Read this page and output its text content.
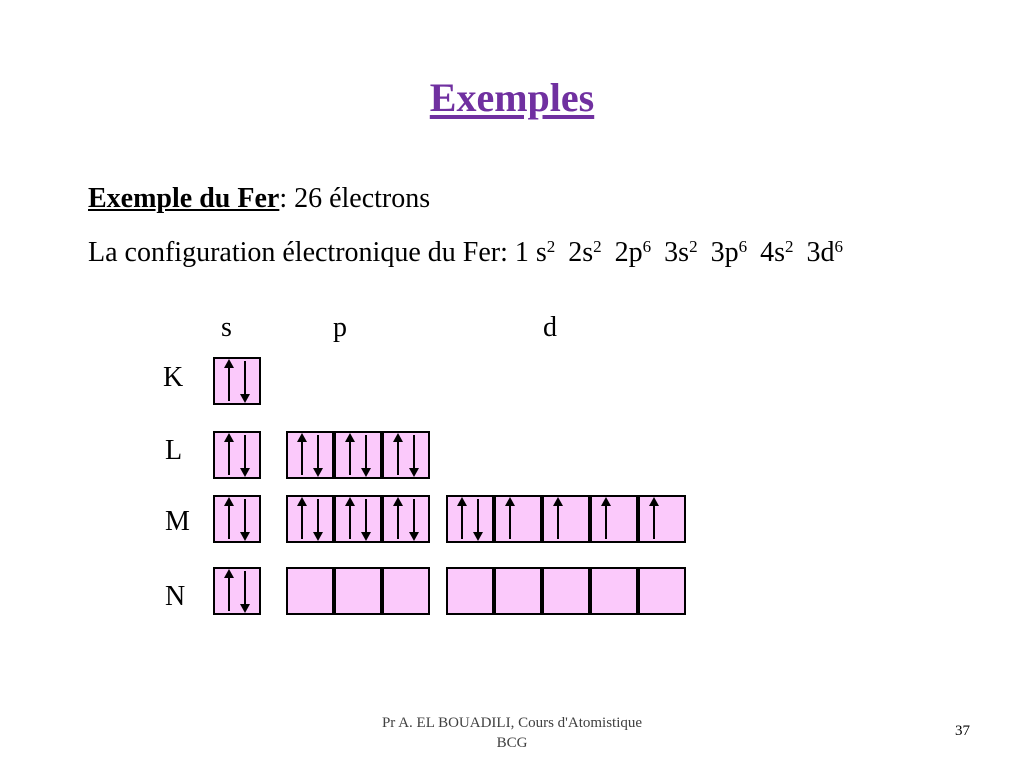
Exemples
Exemple du Fer: 26 électrons
La configuration électronique du Fer: 1 $s^2$ $2s^2$ $2p^6$ $3s^2$ $3p^6$ $4s^2$ $3d^6$
s	p	d
K
L
M
N
Pr A. EL BOUADILI, Cours d'Atomistique
BCG
37
